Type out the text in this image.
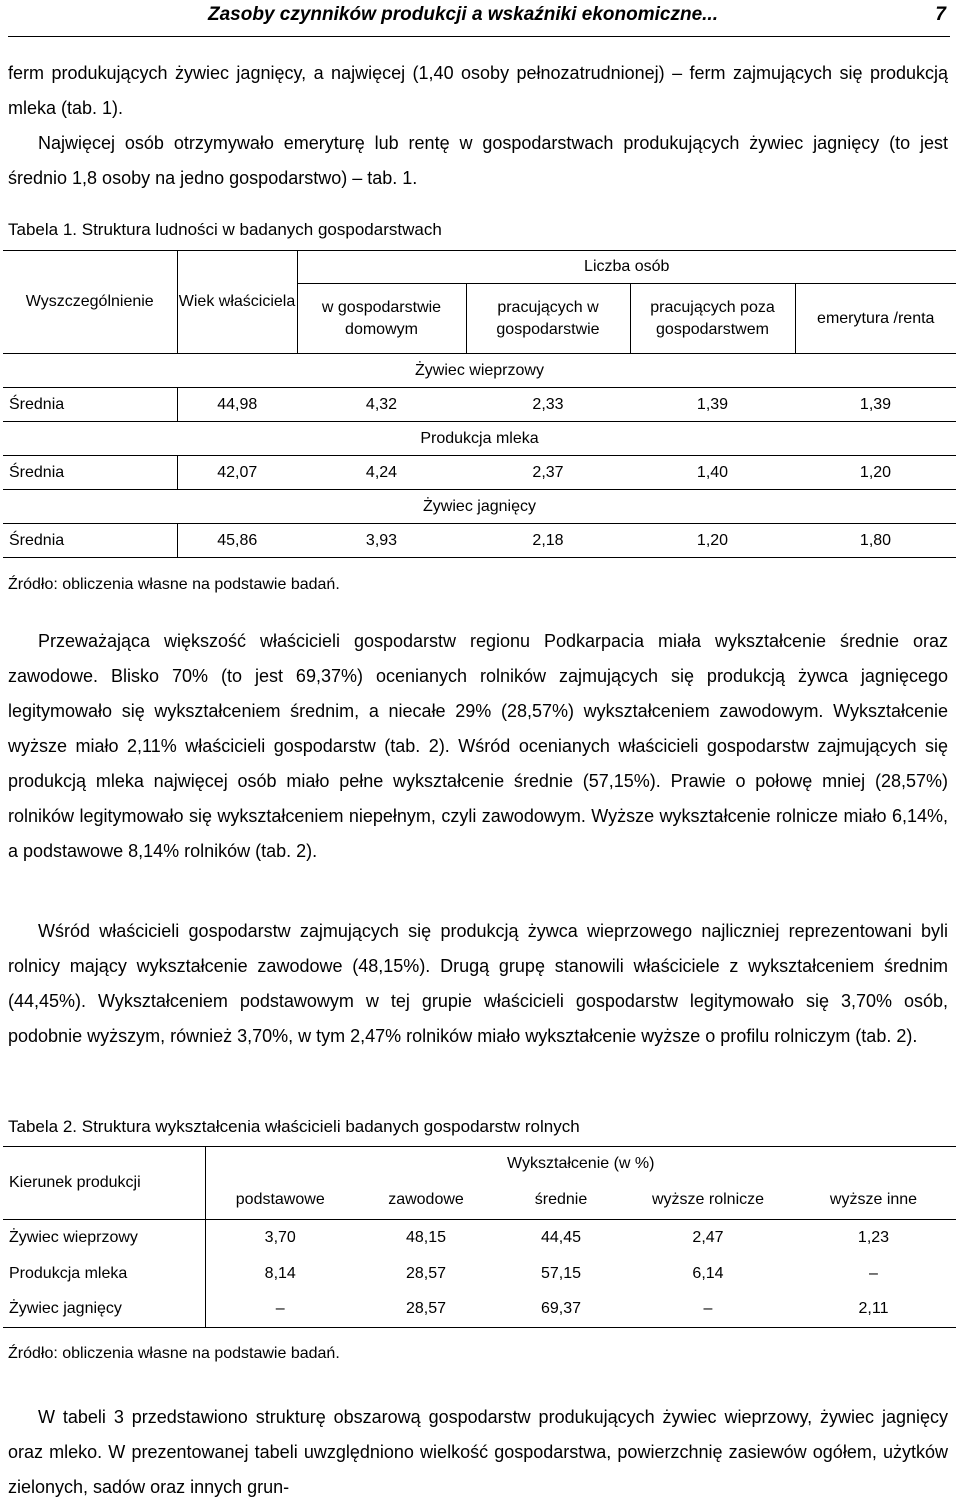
Zasoby czynników produkcji a wskaźniki ekonomiczne...	7

ferm produkujących żywiec jagnięcy, a najwięcej (1,40 osoby pełnozatrudnionej) – ferm zajmujących się produkcją mleka (tab. 1).

Najwięcej osób otrzymywało emeryturę lub rentę w gospodarstwach produkujących żywiec jagnięcy (to jest średnio 1,8 osoby na jedno gospodarstwo) – tab. 1.

Tabela 1. Struktura ludności w badanych gospodarstwach
Wyszczególnienie	Wiek właściciela	Liczba osób			
		w gospodarstwie domowym	pracujących w gospodarstwie	pracujących poza gospodarstwem	emerytura /renta
Żywiec wieprzowy					
Średnia	44,98	4,32	2,33	1,39	1,39
Produkcja mleka					
Średnia	42,07	4,24	2,37	1,40	1,20
Żywiec jagnięcy					
Średnia	45,86	3,93	2,18	1,20	1,80
Źródło: obliczenia własne na podstawie badań.

Przeważająca większość właścicieli gospodarstw regionu Podkarpacia miała wykształcenie średnie oraz zawodowe. Blisko 70% (to jest 69,37%) ocenianych rolników zajmujących się produkcją żywca jagnięcego legitymowało się wykształceniem średnim, a niecałe 29% (28,57%) wykształceniem zawodowym. Wykształcenie wyższe miało 2,11% właścicieli gospodarstw (tab. 2). Wśród ocenianych właścicieli gospodarstw zajmujących się produkcją mleka najwięcej osób miało pełne wykształcenie średnie (57,15%). Prawie o połowę mniej (28,57%) rolników legitymowało się wykształceniem niepełnym, czyli zawodowym. Wyższe wykształcenie rolnicze miało 6,14%, a podstawowe 8,14% rolników (tab. 2).

Wśród właścicieli gospodarstw zajmujących się produkcją żywca wieprzowego najliczniej reprezentowani byli rolnicy mający wykształcenie zawodowe (48,15%). Drugą grupę stanowili właściciele z wykształceniem średnim (44,45%). Wykształceniem podstawowym w tej grupie właścicieli gospodarstw legitymowało się 3,70% osób, podobnie wyższym, również 3,70%, w tym 2,47% rolników miało wykształcenie wyższe o profilu rolniczym (tab. 2).

Tabela 2. Struktura wykształcenia właścicieli badanych gospodarstw rolnych
Kierunek produkcji	Wykształcenie (w %)				
	podstawowe	zawodowe	średnie	wyższe rolnicze	wyższe inne
Żywiec wieprzowy	3,70	48,15	44,45	2,47	1,23
Produkcja mleka	8,14	28,57	57,15	6,14	–
Żywiec jagnięcy	–	28,57	69,37	–	2,11
Źródło: obliczenia własne na podstawie badań.

W tabeli 3 przedstawiono strukturę obszarową gospodarstw produkujących żywiec wieprzowy, żywiec jagnięcy oraz mleko. W prezentowanej tabeli uwzględniono wielkość gospodarstwa, powierzchnię zasiewów ogółem, użytków zielonych, sadów oraz innych grun-
